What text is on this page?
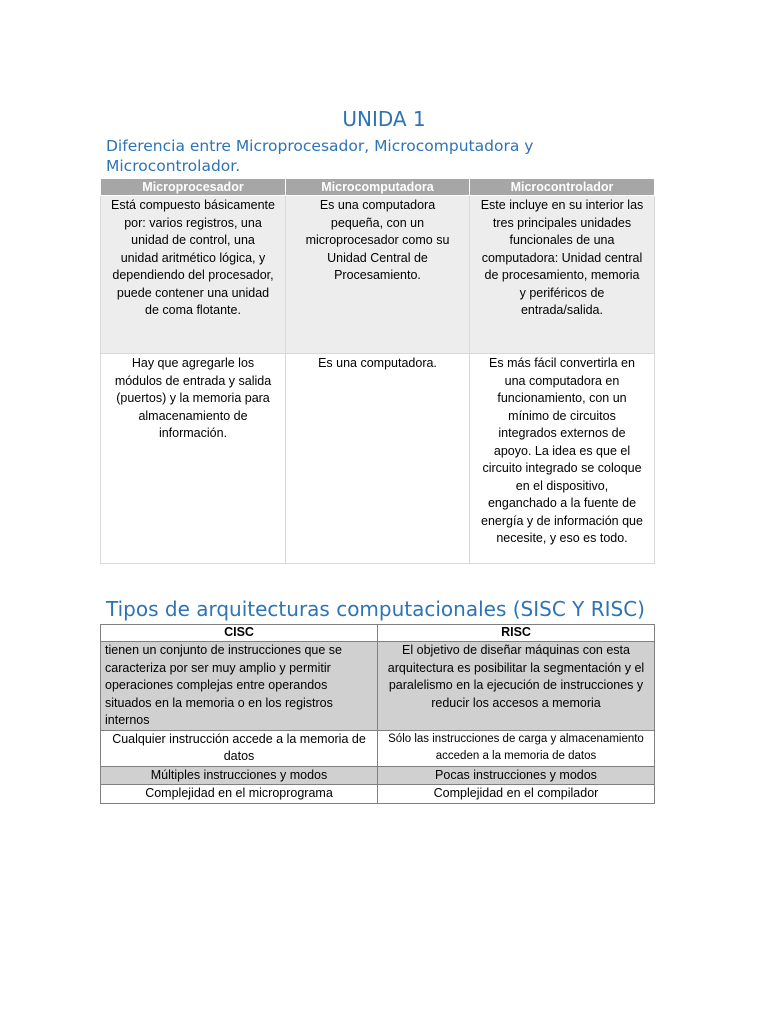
UNIDA 1
Diferencia entre Microprocesador, Microcomputadora y Microcontrolador.
Microprocesador	Microcomputadora	Microcontrolador
Está compuesto básicamente por: varios registros, una unidad de control, una unidad aritmético lógica, y dependiendo del procesador, puede contener una unidad de coma flotante.	Es una computadora pequeña, con un microprocesador como su Unidad Central de Procesamiento.	Este incluye en su interior las tres principales unidades funcionales de una computadora: Unidad central de procesamiento, memoria y periféricos de entrada/salida.
Hay que agregarle los módulos de entrada y salida (puertos) y la memoria para almacenamiento de información.	Es una computadora.	Es más fácil convertirla en una computadora en funcionamiento, con un mínimo de circuitos integrados externos de apoyo. La idea es que el circuito integrado se coloque en el dispositivo, enganchado a la fuente de energía y de información que necesite, y eso es todo.
Tipos de arquitecturas computacionales (SISC Y RISC)
CISC	RISC
tienen un conjunto de instrucciones que se caracteriza por ser muy amplio y permitir operaciones complejas entre operandos situados en la memoria o en los registros internos	El objetivo de diseñar máquinas con esta arquitectura es posibilitar la segmentación y el paralelismo en la ejecución de instrucciones y reducir los accesos a memoria
Cualquier instrucción accede a la memoria de datos	Sólo las instrucciones de carga y almacenamiento acceden a la memoria de datos
Múltiples instrucciones y modos	Pocas instrucciones y modos
Complejidad en el microprograma	Complejidad en el compilador
